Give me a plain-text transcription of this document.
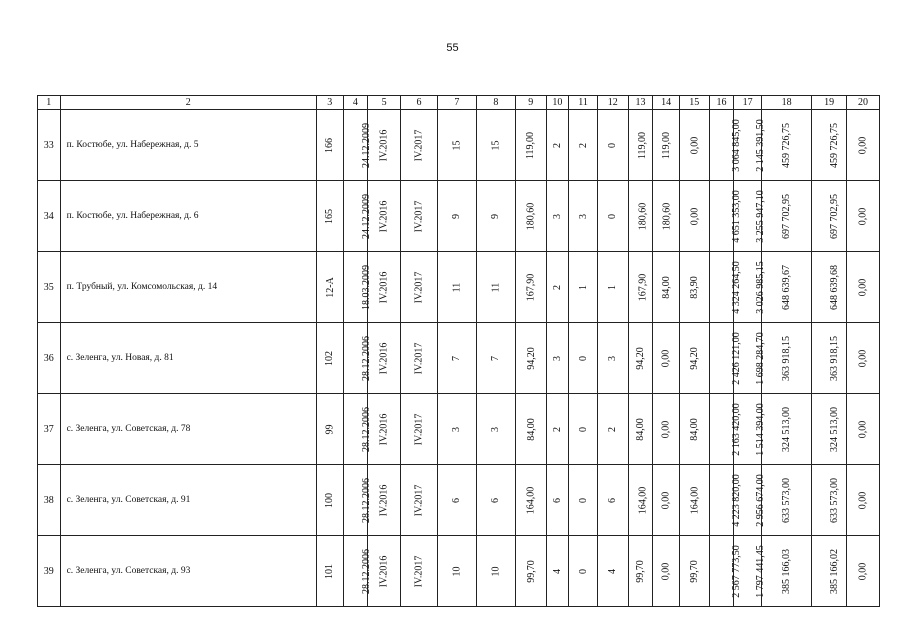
55
1	2	3	4	5	6	7	8	9	10	11	12	13	14	15	16	17	18	19	20
33	п. Костюбе, ул. Набережная, д. 5	166	24.12.2009	IV.2016	IV.2017	15	15	119,00	2	2	0	119,00	119,00	0,00	3 064 845,00	2 145 391,50	459 726,75	459 726,75	0,00
34	п. Костюбе, ул. Набережная, д. 6	165	24.12.2009	IV.2016	IV.2017	9	9	180,60	3	3	0	180,60	180,60	0,00	4 651 353,00	3 255 947,10	697 702,95	697 702,95	0,00
35	п. Трубный, ул. Комсомольская, д. 14	12-А	18.03.2009	IV.2016	IV.2017	11	11	167,90	2	1	1	167,90	84,00	83,90	4 324 264,50	3 026 985,15	648 639,67	648 639,68	0,00
36	с. Зеленга, ул. Новая, д. 81	102	28.12.2006	IV.2016	IV.2017	7	7	94,20	3	0	3	94,20	0,00	94,20	2 426 121,00	1 698 284,70	363 918,15	363 918,15	0,00
37	с. Зеленга, ул. Советская, д. 78	99	28.12.2006	IV.2016	IV.2017	3	3	84,00	2	0	2	84,00	0,00	84,00	2 163 420,00	1 514 394,00	324 513,00	324 513,00	0,00
38	с. Зеленга, ул. Советская, д. 91	100	28.12.2006	IV.2016	IV.2017	6	6	164,00	6	0	6	164,00	0,00	164,00	4 223 820,00	2 956 674,00	633 573,00	633 573,00	0,00
39	с. Зеленга, ул. Советская, д. 93	101	28.12.2006	IV.2016	IV.2017	10	10	99,70	4	0	4	99,70	0,00	99,70	2 567 773,50	1 797 441,45	385 166,03	385 166,02	0,00
